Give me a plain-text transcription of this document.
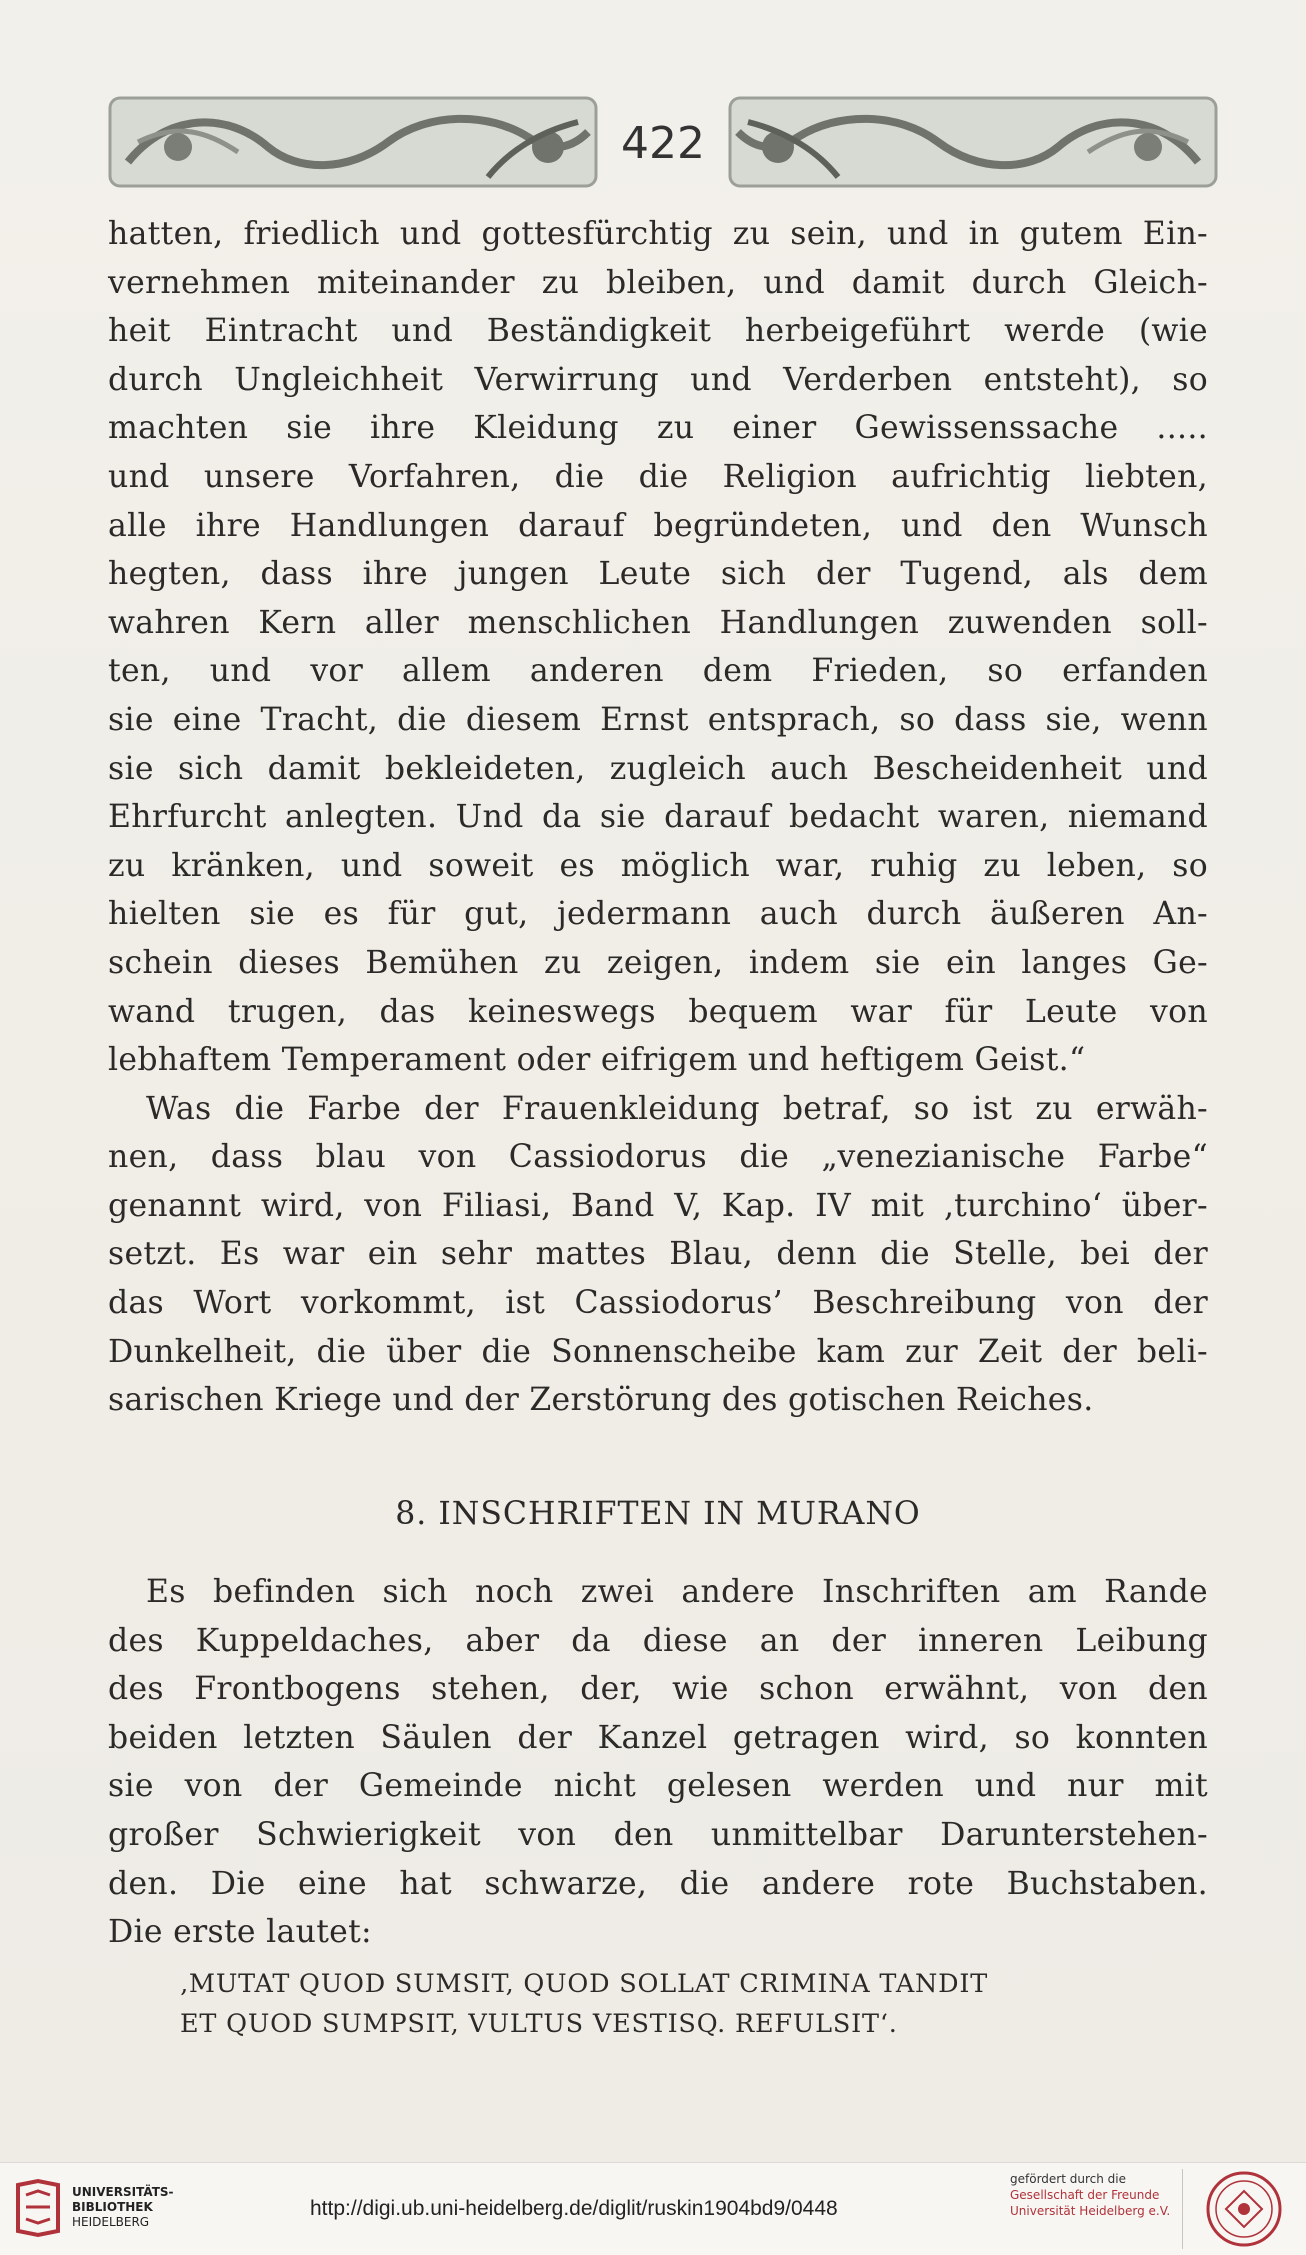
422
hatten, friedlich und gottesfürchtig zu sein, und in gutem Ein-
vernehmen miteinander zu bleiben, und damit durch Gleich-
heit Eintracht und Beständigkeit herbeigeführt werde (wie
durch Ungleichheit Verwirrung und Verderben entsteht), so
machten sie ihre Kleidung zu einer Gewissenssache .....
und unsere Vorfahren, die die Religion aufrichtig liebten,
alle ihre Handlungen darauf begründeten, und den Wunsch
hegten, dass ihre jungen Leute sich der Tugend, als dem
wahren Kern aller menschlichen Handlungen zuwenden soll-
ten, und vor allem anderen dem Frieden, so erfanden
sie eine Tracht, die diesem Ernst entsprach, so dass sie, wenn
sie sich damit bekleideten, zugleich auch Bescheidenheit und
Ehrfurcht anlegten. Und da sie darauf bedacht waren, niemand
zu kränken, und soweit es möglich war, ruhig zu leben, so
hielten sie es für gut, jedermann auch durch äußeren An-
schein dieses Bemühen zu zeigen, indem sie ein langes Ge-
wand trugen, das keineswegs bequem war für Leute von
lebhaftem Temperament oder eifrigem und heftigem Geist.“
Was die Farbe der Frauenkleidung betraf, so ist zu erwäh-
nen, dass blau von Cassiodorus die „venezianische Farbe“
genannt wird, von Filiasi, Band V, Kap. IV mit ‚turchino‘ über-
setzt. Es war ein sehr mattes Blau, denn die Stelle, bei der
das Wort vorkommt, ist Cassiodorus’ Beschreibung von der
Dunkelheit, die über die Sonnenscheibe kam zur Zeit der beli-
sarischen Kriege und der Zerstörung des gotischen Reiches.
8. INSCHRIFTEN IN MURANO
Es befinden sich noch zwei andere Inschriften am Rande
des Kuppeldaches, aber da diese an der inneren Leibung
des Frontbogens stehen, der, wie schon erwähnt, von den
beiden letzten Säulen der Kanzel getragen wird, so konnten
sie von der Gemeinde nicht gelesen werden und nur mit
großer Schwierigkeit von den unmittelbar Darunterstehen-
den. Die eine hat schwarze, die andere rote Buchstaben.
Die erste lautet:
‚MUTAT QUOD SUMSIT, QUOD SOLLAT CRIMINA TANDIT
ET QUOD SUMPSIT, VULTUS VESTISQ. REFULSIT‘.
UNIVERSITÄTS-
BIBLIOTHEK
HEIDELBERG
http://digi.ub.uni-heidelberg.de/diglit/ruskin1904bd9/0448
gefördert durch die
Gesellschaft der Freunde
Universität Heidelberg e.V.
